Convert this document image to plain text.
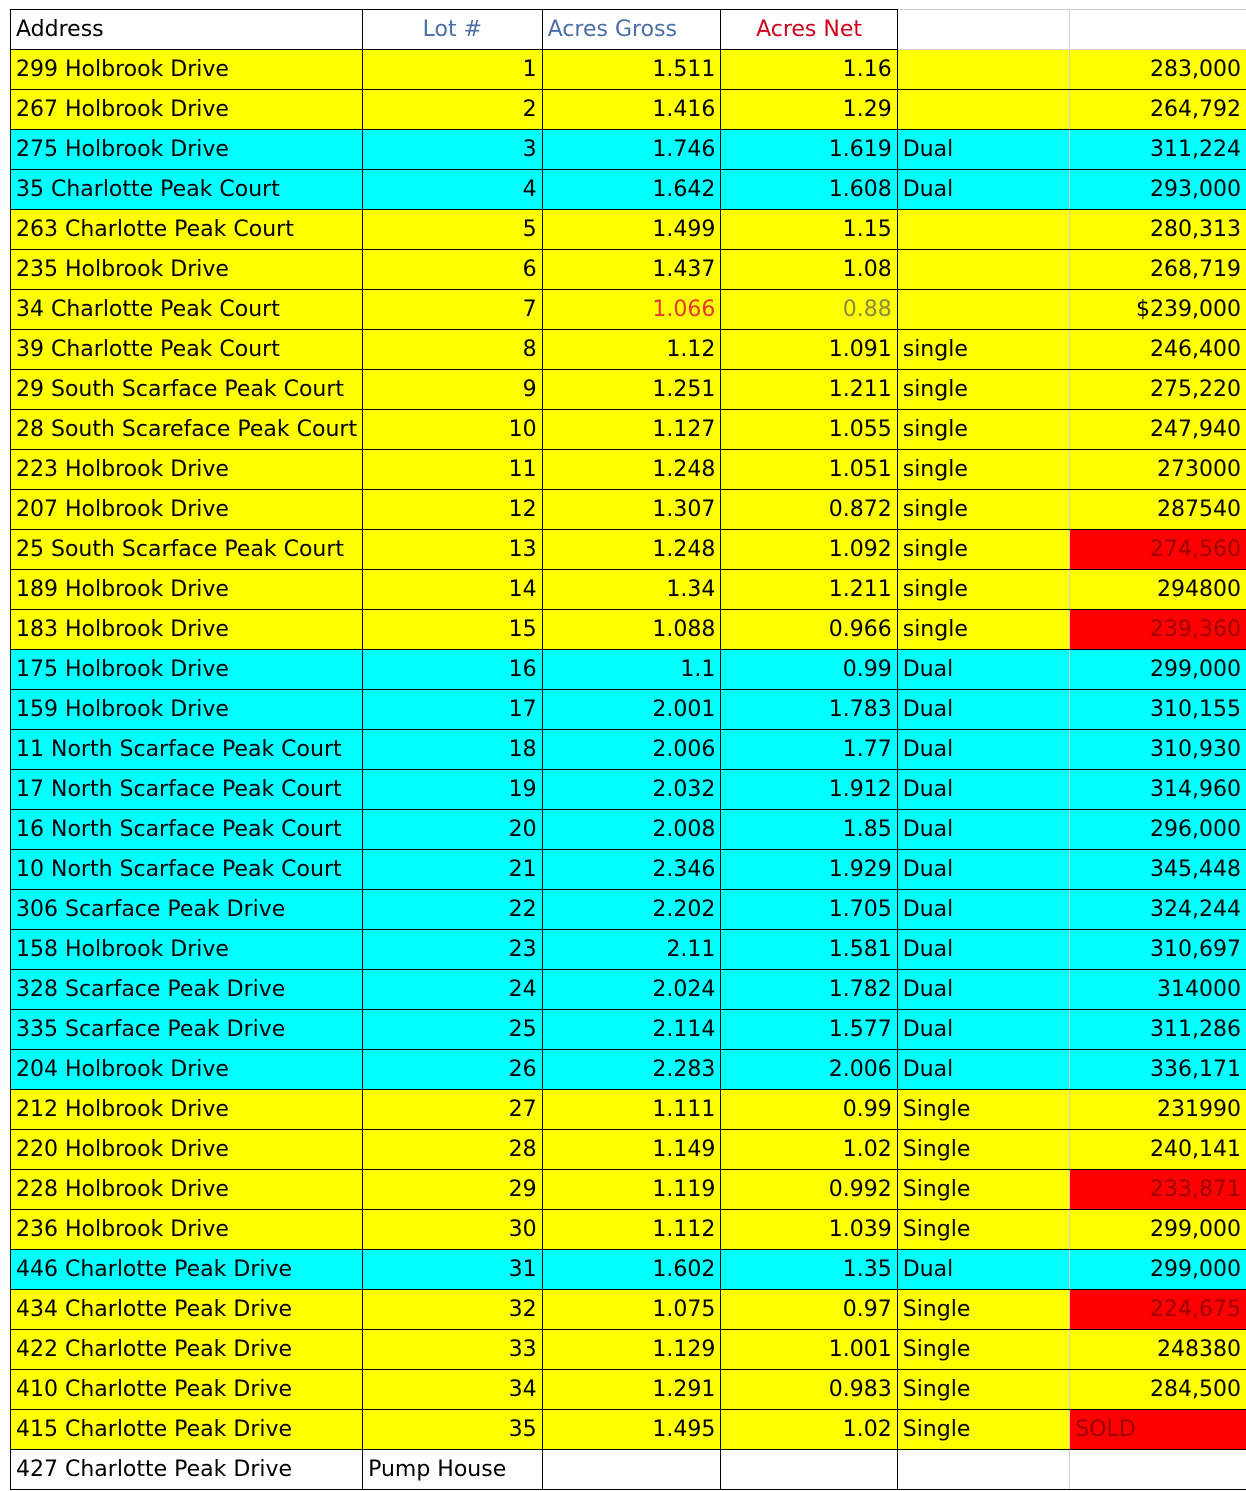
Address	Lot #	Acres Gross	Acres Net		
299 Holbrook Drive	1	1.511	1.16		283,000
267 Holbrook Drive	2	1.416	1.29		264,792
275 Holbrook Drive	3	1.746	1.619	Dual	311,224
35 Charlotte Peak Court	4	1.642	1.608	Dual	293,000
263 Charlotte Peak Court	5	1.499	1.15		280,313
235 Holbrook Drive	6	1.437	1.08		268,719
34 Charlotte Peak Court	7	1.066	0.88		$239,000
39 Charlotte Peak Court	8	1.12	1.091	single	246,400
29 South Scarface Peak Court	9	1.251	1.211	single	275,220
28 South Scareface Peak Court	10	1.127	1.055	single	247,940
223 Holbrook Drive	11	1.248	1.051	single	273000
207 Holbrook Drive	12	1.307	0.872	single	287540
25 South Scarface Peak Court	13	1.248	1.092	single	274,560
189 Holbrook Drive	14	1.34	1.211	single	294800
183 Holbrook Drive	15	1.088	0.966	single	239,360
175 Holbrook Drive	16	1.1	0.99	Dual	299,000
159 Holbrook Drive	17	2.001	1.783	Dual	310,155
11 North Scarface Peak Court	18	2.006	1.77	Dual	310,930
17 North Scarface Peak Court	19	2.032	1.912	Dual	314,960
16 North Scarface Peak Court	20	2.008	1.85	Dual	296,000
10 North Scarface Peak Court	21	2.346	1.929	Dual	345,448
306 Scarface Peak Drive	22	2.202	1.705	Dual	324,244
158 Holbrook Drive	23	2.11	1.581	Dual	310,697
328 Scarface Peak Drive	24	2.024	1.782	Dual	314000
335 Scarface Peak Drive	25	2.114	1.577	Dual	311,286
204 Holbrook Drive	26	2.283	2.006	Dual	336,171
212 Holbrook Drive	27	1.111	0.99	Single	231990
220 Holbrook Drive	28	1.149	1.02	Single	240,141
228 Holbrook Drive	29	1.119	0.992	Single	233,871
236 Holbrook Drive	30	1.112	1.039	Single	299,000
446 Charlotte Peak Drive	31	1.602	1.35	Dual	299,000
434 Charlotte Peak Drive	32	1.075	0.97	Single	224,675
422 Charlotte Peak Drive	33	1.129	1.001	Single	248380
410 Charlotte Peak Drive	34	1.291	0.983	Single	284,500
415 Charlotte Peak Drive	35	1.495	1.02	Single	SOLD
427 Charlotte Peak Drive	Pump House				
